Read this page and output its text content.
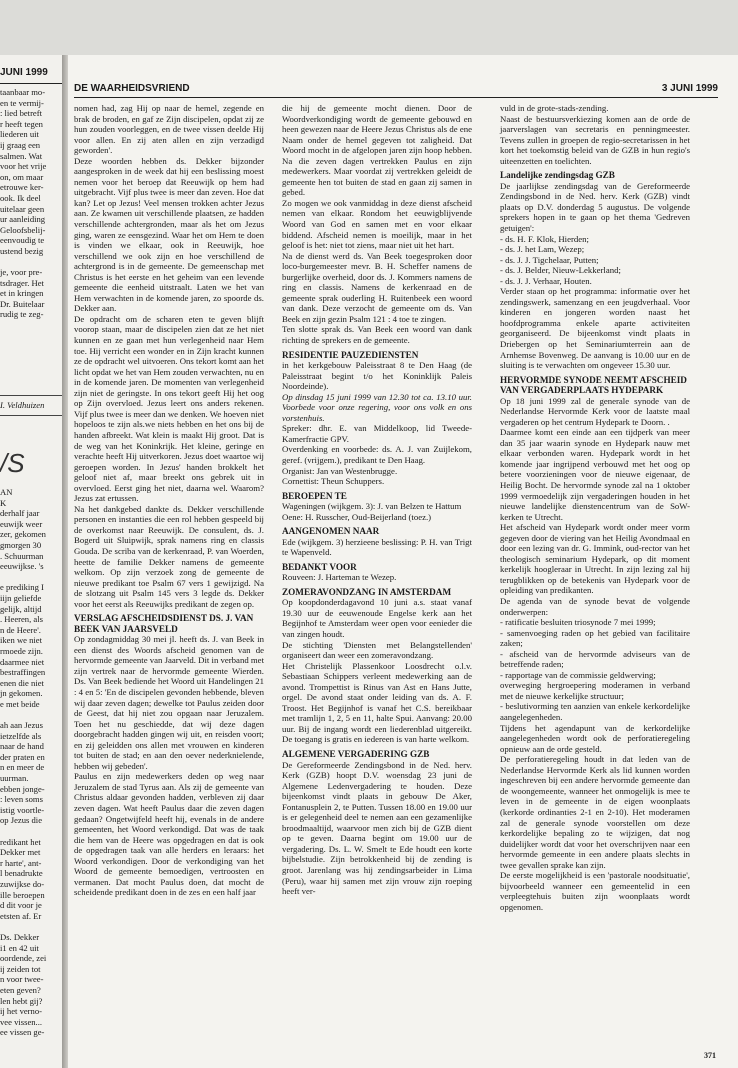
JUNI 1999
taanbaar mo-
en te vermij-
: lied betreft
r heeft tegen
liederen uit
ij graag een
salmen. Wat
voor het vrije
on, om maar
etrouwe ker-
ook. Ik deel
uitelaar geen
ur aanleiding
Geloofsbelij-
eenvoudig te
ustend bezig

je, voor pre-
tsdrager. Het
et in kringen
Dr. Buitelaar
rudig te zeg-
I. Veldhuizen
/S
AN
K
derhalf jaar
euwijk weer
zer, gekomen
gmorgen 30
. Schuurman
eeuwijkse. 's

e prediking I
iijn geliefde
gelijk, altijd
. Heeren, als
n de Heere'.
iken we niet
rmoede zijn.
daarmee niet
bestraffingen
enen die niet
jn gekomen.
e met beide

ah aan Jezus
ietzelfde als
naar de hand
der praten en
n en meer de
uurman.
ebben jonge-
: leven soms
istig voortle-
op Jezus die

redikant het
Dekker met
r harte', ant-
l benadrukte
zuwijkse do-
ille beroepen
d dit voor je
etsten af. Er

Ds. Dekker
i1 en 42 uit
oordende, zei
ij zeiden tot
n voor twee-
eten geven?
len hebt gij?
ij het verno-
vee vissen...
ee vissen ge-
DE WAARHEIDSVRIEND	3 JUNI 1999

nomen had, zag Hij op naar de hemel, zegende en brak de broden, en gaf ze Zijn discipelen, opdat zij ze hun zouden voorleggen, en de twee vissen deelde Hij voor allen. En zij aten allen en zijn verzadigd geworden'.

Deze woorden hebben ds. Dekker bijzonder aangesproken in de week dat hij een beslissing moest nemen voor het beroep dat Reeuwijk op hem had uitgebracht. Vijf plus twee is meer dan zeven. Hoe dat kan? Let op Jezus! Veel mensen trokken achter Jezus aan. Ze kwamen uit verschillende plaatsen, ze hadden verschillende achtergronden, maar als het om Jezus ging, waren ze eensgezind. Waar het om Hem te doen is vinden we elkaar, ook in Reeuwijk, hoe verschillend we ook zijn en hoe verschillend de achtergrond is in de gemeente. De gemeenschap met Christus is het eerste en het geheim van een levende gemeente die eenheid uitstraalt. Laten we het van Hem verwachten in de komende jaren, zo spoorde ds. Dekker aan.

De opdracht om de scharen eten te geven blijft voorop staan, maar de discipelen zien dat ze het niet kunnen en ze gaan met hun verlegenheid naar Hem toe. Hij verricht een wonder en in Zijn kracht kunnen ze de opdracht wel uitvoeren. Ons tekort komt aan het licht opdat we het van Hem zouden verwachten, nu en in de komende jaren. De momenten van verlegenheid zijn niet de geringste. In ons tekort geeft Hij het oog op Zijn overvloed. Jezus leert ons anders rekenen. Vijf plus twee is meer dan we denken. We hoeven niet hopeloos te zijn als.we niets hebben en het ons bij de handen afbreekt. Wat klein is maakt Hij groot. Dat is de weg van het Koninkrijk. Het kleine, geringe en verachte heeft Hij uitverkoren. Jezus doet waartoe wij geroepen worden. In Jezus' handen brokkelt het geloof niet af, maar breekt ons gebrek uit in overvloed. Eerst ging het niet, daarna wel. Waarom? Jezus zat ertussen.

Na het dankgebed dankte ds. Dekker verschillende personen en instanties die een rol hebben gespeeld bij de overkomst naar Reeuwijk. De consulent, ds. J. Bogerd uit Sluipwijk, sprak namens ring en classis Gouda. De scriba van de kerkenraad, P. van Woerden, heette de familie Dekker namens de gemeente welkom. Op zijn verzoek zong de gemeente de nieuwe predikant toe Psalm 67 vers 1 gewijzigd. Na de slotzang uit Psalm 145 vers 3 legde ds. Dekker voor het eerst als Reeuwijks predikant de zegen op.

VERSLAG AFSCHEIDSDIENST DS. J. VAN BEEK VAN JAARSVELD

Op zondagmiddag 30 mei jl. heeft ds. J. van Beek in een dienst des Woords afscheid genomen van de hervormde gemeente van Jaarveld. Dit in verband met zijn vertrek naar de hervormde gemeente Wierden. Ds. Van Beek bediende het Woord uit Handelingen 21 : 4 en 5: 'En de discipelen gevonden hebbende, bleven wij daar zeven dagen; dewelke tot Paulus zeiden door de Geest, dat hij niet zou opgaan naar Jeruzalem. Toen het nu geschiedde, dat wij deze dagen doorgebracht hadden gingen wij uit, en reisden voort; en zij geleidden ons allen met vrouwen en kinderen tot buiten de stad; en aan den oever nederknielende, hebben wij gebeden'.

Paulus en zijn medewerkers deden op weg naar Jeruzalem de stad Tyrus aan. Als zij de gemeente van Christus aldaar gevonden hadden, verbleven zij daar zeven dagen. Wat heeft Paulus daar die zeven dagen gedaan? Ongetwijfeld heeft hij, evenals in de andere gemeenten, het Woord verkondigd. Dat was de taak die hem van de Heere was opgedragen en dat is ook de opgedragen taak van alle herders en leraars: het Woord verkondigen. Door de verkondiging van het Woord de gemeente bemoedigen, vertroosten en vermanen. Dat mocht Paulus doen, dat mocht de scheidende predikant doen in de zes en een half jaar

die hij de gemeente mocht dienen. Door de Woordverkondiging wordt de gemeente gebouwd en heen gewezen naar de Heere Jezus Christus als de ene Naam onder de hemel gegeven tot zaligheid. Dat Woord mocht in de afgelopen jaren zijn hoop hebben. Na die zeven dagen vertrekken Paulus en zijn medewerkers. Maar voordat zij vertrekken geleidt de gemeente hen tot buiten de stad en gaan zij samen in gebed.

Zo mogen we ook vanmiddag in deze dienst afscheid nemen van elkaar. Rondom het eeuwigblijvende Woord van God en samen met en voor elkaar biddend. Afscheid nemen is moeilijk, maar in het geloof is het: niet tot ziens, maar niet uit het hart.

Na de dienst werd ds. Van Beek toegesproken door loco-burgemeester mevr. B. H. Scheffer namens de burgerlijke overheid, door ds. J. Kommers namens de ring en classis. Namens de kerkenraad en de gemeente sprak ouderling H. Ruitenbeek een woord van dank. Deze verzocht de gemeente om ds. Van Beek en zijn gezin Psalm 121 : 4 toe te zingen.

Ten slotte sprak ds. Van Beek een woord van dank richting de sprekers en de gemeente.

RESIDENTIE PAUZEDIENSTEN

in het kerkgebouw Paleisstraat 8 te Den Haag (de Paleisstraat begint t/o het Koninklijk Paleis Noordeinde).

Op dinsdag 15 juni 1999 van 12.30 tot ca. 13.10 uur. Voorbede voor onze regering, voor ons volk en ons vorstenhuis.

Spreker: dhr. E. van Middelkoop, lid Tweede-Kamerfractie GPV.

Overdenking en voorbede: ds. A. J. van Zuijlekom, geref. (vrijgem.), predikant te Den Haag.

Organist: Jan van Westenbrugge.

Cornettist: Theun Schuppers.

BEROEPEN TE

Wageningen (wijkgem. 3): J. van Belzen te Hattum

Oene: H. Russcher, Oud-Beijerland (toez.)

AANGENOMEN NAAR

Ede (wijkgem. 3) herzieene beslissing: P. H. van Trigt te Wapenveld.

BEDANKT VOOR

Rouveen: J. Harteman te Wezep.

ZOMERAVONDZANG IN AMSTERDAM

Op koopdonderdagavond 10 juni a.s. staat vanaf 19.30 uur de eeuwenoude Engelse kerk aan het Begijnhof te Amsterdam weer open voor eenieder die van zingen houdt.

De stichting 'Diensten met Belangstellenden' organiseert dan weer een zomeravondzang.

Het Christelijk Plassenkoor Loosdrecht o.l.v. Sebastiaan Schippers verleent medewerking aan de avond. Trompettist is Rinus van Ast en Hans Jutte, orgel. De avond staat onder leiding van ds. A. F. Troost. Het Begijnhof is vanaf het C.S. bereikbaar met tramlijn 1, 2, 5 en 11, halte Spui. Aanvang: 20.00 uur. Bij de ingang wordt een liederenblad uitgereikt. De toegang is gratis en iedereen is van harte welkom.

ALGEMENE VERGADERING GZB

De Gereformeerde Zendingsbond in de Ned. herv. Kerk (GZB) hoopt D.V. woensdag 23 juni de Algemene Ledenvergadering te houden. Deze bijeenkomst vindt plaats in gebouw De Aker, Fontanusplein 2, te Putten. Tussen 18.00 en 19.00 uur is er gelegenheid deel te nemen aan een gezamenlijke broodmaaltijd, waarvoor men zich bij de GZB dient op te geven. Daarna begint om 19.00 uur de vergadering. Ds. L. W. Smelt te Ede houdt een korte bijbelstudie. Zijn betrokkenheid bij de zending is groot. Jarenlang was hij zendingsarbeider in Lima (Peru), waar hij samen met zijn vrouw zijn roeping heeft ver-

vuld in de grote-stads-zending.

Naast de bestuursverkiezing komen aan de orde de jaarverslagen van secretaris en penningmeester. Tevens zullen in groepen de regio-secretarissen in het kort het toekomstig beleid van de GZB in hun regio's uiteenzetten en toelichten.

Landelijke zendingsdag GZB

De jaarlijkse zendingsdag van de Gereformeerde Zendingsbond in de Ned. herv. Kerk (GZB) vindt plaats op D.V. donderdag 5 augustus. De volgende sprekers hopen in te gaan op het thema 'Gedreven getuigen':

- ds. H. F. Klok, Hierden;
- ds. J. het Lam, Wezep;
- ds. J. J. Tigchelaar, Putten;
- ds. J. Belder, Nieuw-Lekkerland;
- ds. J. J. Verhaar, Houten.

Verder staan op het programma: informatie over het zendingswerk, samenzang en een jeugdverhaal. Voor kinderen en jongeren worden naast het hoofdprogramma enkele aparte activiteiten georganiseerd. De bijeenkomst vindt plaats in Driebergen op het Seminariumterrein aan de Arnhemse Bovenweg. De aanvang is 10.00 uur en de sluiting is te verwachten om ongeveer 15.30 uur.

HERVORMDE SYNODE NEEMT AFSCHEID VAN VERGADERPLAATS HYDEPARK

Op 18 juni 1999 zal de generale synode van de Nederlandse Hervormde Kerk voor de laatste maal vergaderen op het centrum Hydepark te Doorn. .

Daarmee komt een einde aan een tijdperk van meer dan 35 jaar waarin synode en Hydepark nauw met elkaar verbonden waren. Hydepark wordt in het komende jaar ingrijpend verbouwd met het oog op betere voorzieningen voor de nieuwe eigenaar, de Heilig Bocht. De hervormde synode zal na 1 oktober 1999 vermoedelijk zijn vergaderingen houden in het nieuwe landelijke dienstencentrum van de SoW-kerken te Utrecht.

Het afscheid van Hydepark wordt onder meer vorm gegeven door de viering van het Heilig Avondmaal en door een lezing van dr. G. Immink, oud-rector van het theologisch seminarium Hydepark, op dit moment kerkelijk hoogleraar in Utrecht. In zijn lezing zal hij terugblikken op de betekenis van Hydepark voor de opleiding van predikanten.

De agenda van de synode bevat de volgende onderwerpen:

- ratificatie besluiten triosynode 7 mei 1999;
- samenvoeging raden op het gebied van facilitaire zaken;
- afscheid van de hervormde adviseurs van de betreffende raden;
- rapportage van de commissie geldwerving;
overweging hergroepering moderamen in verband met de nieuwe kerkelijke structuur;
- beslutivorming ten aanzien van enkele kerkordelijke aangelegenheden.

Tijdens het agendapunt van de kerkordelijke aangelegenheden wordt ook de perforatieregeling opnieuw aan de orde gesteld.

De perforatieregeling houdt in dat leden van de Nederlandse Hervormde Kerk als lid kunnen worden ingeschreven bij een andere hervormde gemeente dan de woongemeente, wanneer het onmogelijk is mee te leven in de gemeente in de eigen woonplaats (kerkorde ordinanties 2-1 en 2-10). Het moderamen zal de generale synode voorstellen om deze kerkordelijke bepaling zo te wijzigen, dat nog duidelijker wordt dat voor het overschrijven naar een hervormde gemeente in een andere plaats slechts in twee gevallen sprake kan zijn.

De eerste mogelijkheid is een 'pastorale noodsituatie', bijvoorbeeld wanneer een gemeentelid in een verpleegtehuis buiten zijn woonplaats wordt opgenomen.

371
